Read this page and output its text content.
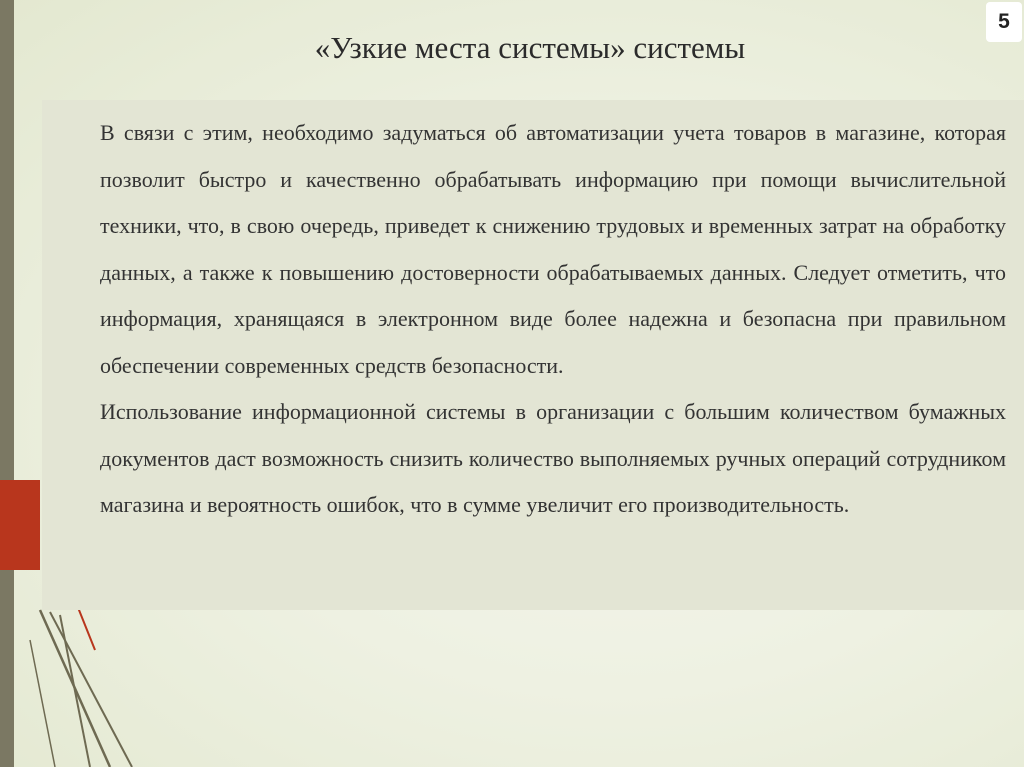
5
«Узкие места системы» системы

В связи с этим, необходимо задуматься об автоматизации учета товаров в магазине, которая позволит быстро и качественно обрабатывать информацию при помощи вычислительной техники, что, в свою очередь, приведет к снижению трудовых и временных затрат на обработку данных, а также к повышению достоверности обрабатываемых данных. Следует отметить, что информация, хранящаяся в электронном виде более надежна и безопасна при правильном обеспечении современных средств безопасности.

Использование информационной системы в организации с большим количеством бумажных документов даст возможность снизить количество выполняемых ручных операций сотрудником магазина и вероятность ошибок, что в сумме увеличит его производительность.
